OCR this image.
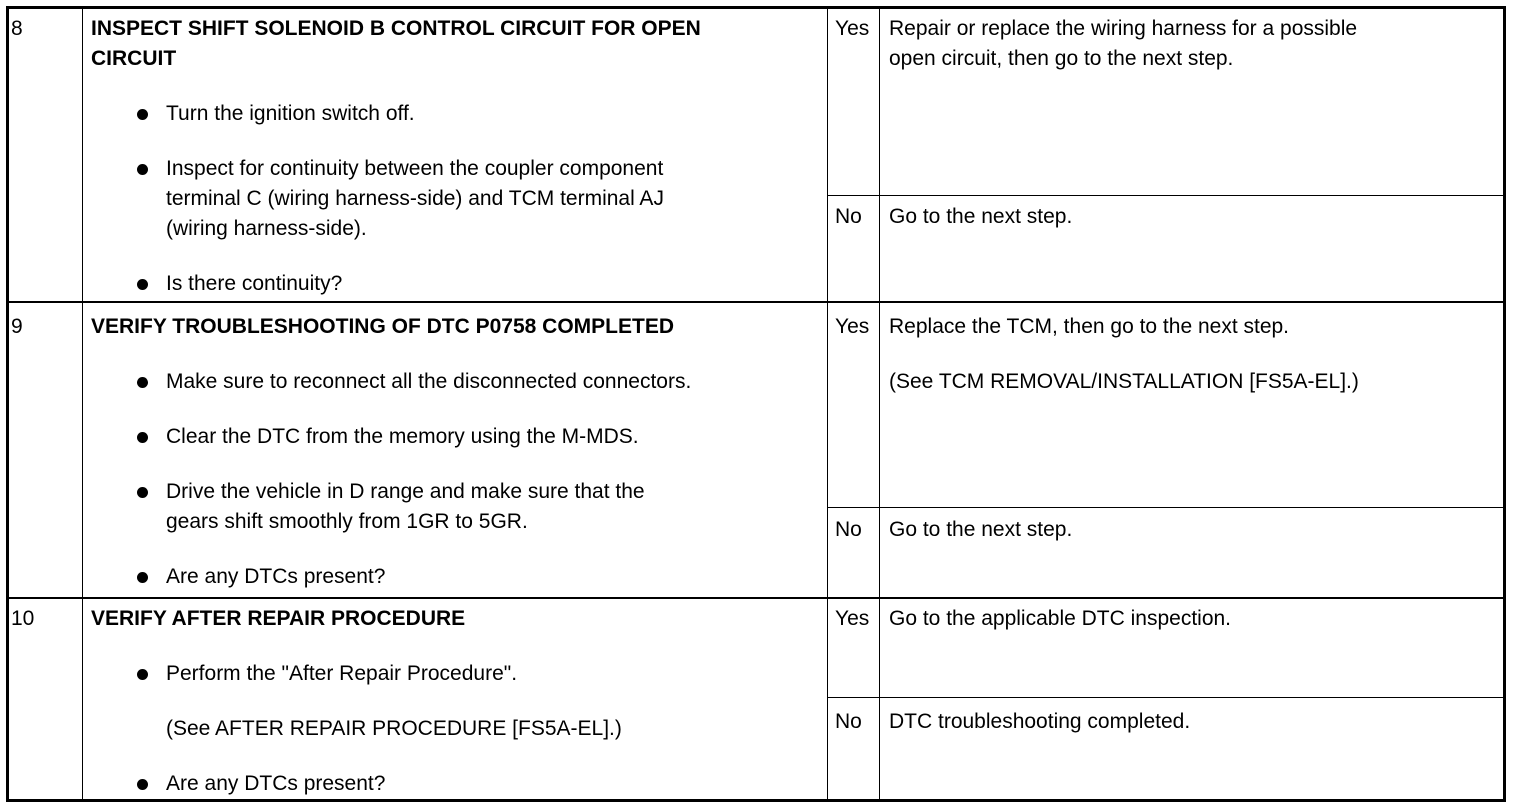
8	INSPECT SHIFT SOLENOID B CONTROL CIRCUIT FOR OPEN
CIRCUIT
Turn the ignition switch off.
Inspect for continuity between the coupler component
terminal C (wiring harness-side) and TCM terminal AJ
(wiring harness-side).
Is there continuity?
Yes Repair or replace the wiring harness for a possible
open circuit, then go to the next step.
No Go to the next step.
9	VERIFY TROUBLESHOOTING OF DTC P0758 COMPLETED
Make sure to reconnect all the disconnected connectors.
Clear the DTC from the memory using the M-MDS.
Drive the vehicle in D range and make sure that the
gears shift smoothly from 1GR to 5GR.
Are any DTCs present?
Yes Replace the TCM, then go to the next step.
(See TCM REMOVAL/INSTALLATION [FS5A-EL].)
No Go to the next step.
10	VERIFY AFTER REPAIR PROCEDURE
Perform the "After Repair Procedure".
(See AFTER REPAIR PROCEDURE [FS5A-EL].)
Are any DTCs present?
Yes Go to the applicable DTC inspection.
No DTC troubleshooting completed.
